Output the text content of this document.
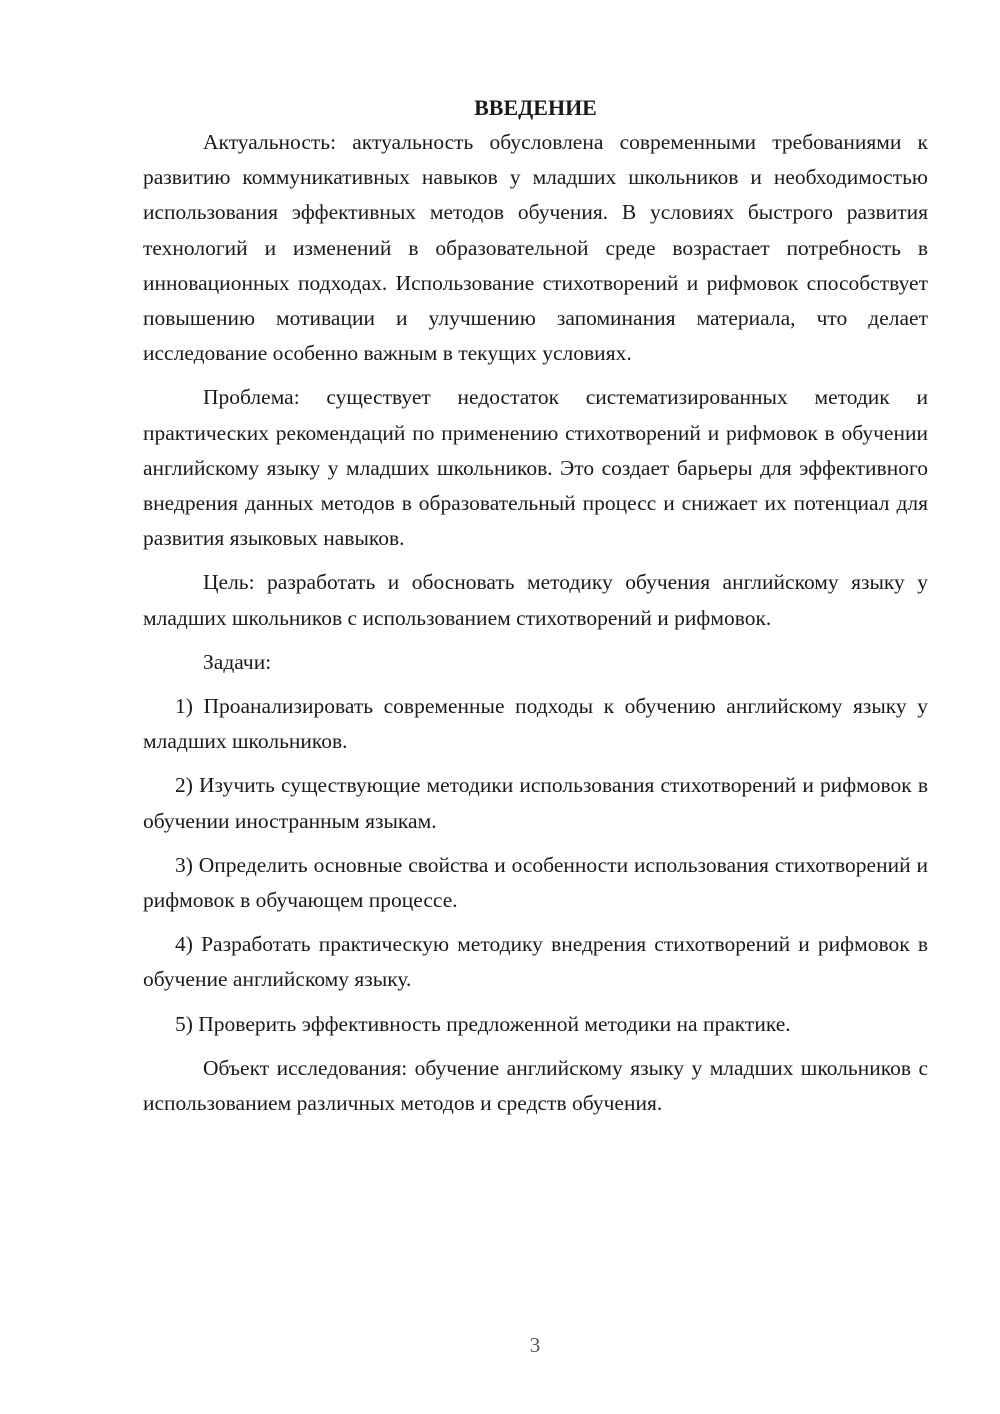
ВВЕДЕНИЕ

Актуальность: актуальность обусловлена современными требованиями к развитию коммуникативных навыков у младших школьников и необходимостью использования эффективных методов обучения. В условиях быстрого развития технологий и изменений в образовательной среде возрастает потребность в инновационных подходах. Использование стихотворений и рифмовок способствует повышению мотивации и улучшению запоминания материала, что делает исследование особенно важным в текущих условиях.

Проблема: существует недостаток систематизированных методик и практических рекомендаций по применению стихотворений и рифмовок в обучении английскому языку у младших школьников. Это создает барьеры для эффективного внедрения данных методов в образовательный процесс и снижает их потенциал для развития языковых навыков.

Цель: разработать и обосновать методику обучения английскому языку у младших школьников с использованием стихотворений и рифмовок.

Задачи:

1) Проанализировать современные подходы к обучению английскому языку у младших школьников.

2) Изучить существующие методики использования стихотворений и рифмовок в обучении иностранным языкам.

3) Определить основные свойства и особенности использования стихотворений и рифмовок в обучающем процессе.

4) Разработать практическую методику внедрения стихотворений и рифмовок в обучение английскому языку.

5) Проверить эффективность предложенной методики на практике.

Объект исследования: обучение английскому языку у младших школьников с использованием различных методов и средств обучения.

3
